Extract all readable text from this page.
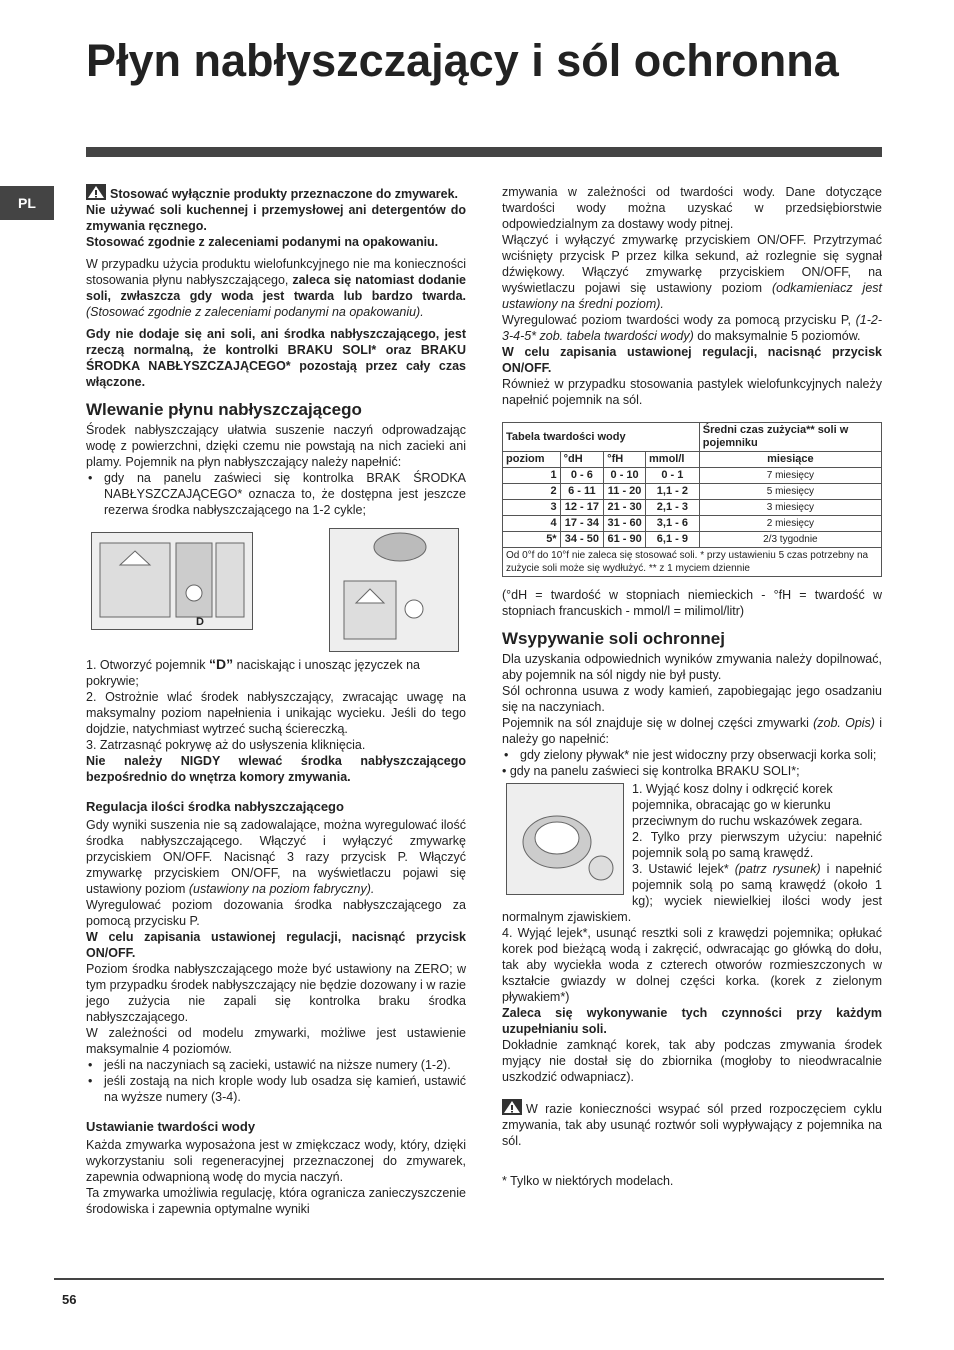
Płyn nabłyszczający i sól ochronna
PL

Stosować wyłącznie produkty przeznaczone do zmywarek.

Nie używać soli kuchennej i przemysłowej ani detergentów do zmywania ręcznego.

Stosować zgodnie z zaleceniami podanymi na opakowaniu.

W przypadku użycia produktu wielofunkcyjnego nie ma konieczności stosowania płynu nabłyszczającego, zaleca się natomiast dodanie soli, zwłaszcza gdy woda jest twarda lub bardzo twarda. (Stosować zgodnie z zaleceniami podanymi na opakowaniu).

Gdy nie dodaje się ani soli, ani środka nabłyszczającego, jest rzeczą normalną, że kontrolki BRAKU SOLI* oraz BRAKU ŚRODKA NABŁYSZCZAJĄCEGO* pozostają przez cały czas włączone.

Wlewanie płynu nabłyszczającego

Środek nabłyszczający ułatwia suszenie naczyń odprowadzając wodę z powierzchni, dzięki czemu nie powstają na nich zacieki ani plamy. Pojemnik na płyn nabłyszczający należy napełnić:

• gdy na panelu zaświeci się kontrolka BRAK ŚRODKA NABŁYSZCZAJĄCEGO* oznacza to, że dostępna jest jeszcze rezerwa środka nabłyszczającego na 1-2 cykle;
D

1. Otworzyć pojemnik “D” naciskając i unosząc języczek na pokrywie;

2. Ostrożnie wlać środek nabłyszczający, zwracając uwagę na maksymalny poziom napełnienia i unikając wycieku. Jeśli do tego dojdzie, natychmiast wytrzeć suchą ściereczką.

3. Zatrzasnąć pokrywę aż do usłyszenia kliknięcia.

Nie należy NIGDY wlewać środka nabłyszczającego bezpośrednio do wnętrza komory zmywania.

Regulacja ilości środka nabłyszczającego

Gdy wyniki suszenia nie są zadowalające, można wyregulować ilość środka nabłyszczającego. Włączyć i wyłączyć zmywarkę przyciskiem ON/OFF. Nacisnąć 3 razy przycisk P. Włączyć zmywarkę przyciskiem ON/OFF, na wyświetlaczu pojawi się ustawiony poziom (ustawiony na poziom fabryczny).

Wyregulować poziom dozowania środka nabłyszczającego za pomocą przycisku P.

W celu zapisania ustawionej regulacji, nacisnąć przycisk ON/OFF.

Poziom środka nabłyszczającego może być ustawiony na ZERO; w tym przypadku środek nabłyszczający nie będzie dozowany i w razie jego zużycia nie zapali się kontrolka braku środka nabłyszczającego.

W zależności od modelu zmywarki, możliwe jest ustawienie maksymalnie 4 poziomów.

• jeśli na naczyniach są zacieki, ustawić na niższe numery (1-2).
• jeśli zostają na nich krople wody lub osadza się kamień, ustawić na wyższe numery (3-4).
Ustawianie twardości wody

Każda zmywarka wyposażona jest w zmiękczacz wody, który, dzięki wykorzystaniu soli regeneracyjnej przeznaczonej do zmywarek, zapewnia odwapnioną wodę do mycia naczyń.

Ta zmywarka umożliwia regulację, która ogranicza zanieczyszczenie środowiska i zapewnia optymalne wyniki

zmywania w zależności od twardości wody. Dane dotyczące twardości wody można uzyskać w przedsiębiorstwie odpowiedzialnym za dostawy wody pitnej.

Włączyć i wyłączyć zmywarkę przyciskiem ON/OFF. Przytrzymać wciśnięty przycisk P przez kilka sekund, aż rozlegnie się sygnał dźwiękowy. Włączyć zmywarkę przyciskiem ON/OFF, na wyświetlaczu pojawi się ustawiony poziom (odkamieniacz jest ustawiony na średni poziom).

Wyregulować poziom twardości wody za pomocą przycisku P, (1-2-3-4-5* zob. tabela twardości wody) do maksymalnie 5 poziomów.

W celu zapisania ustawionej regulacji, nacisnąć przycisk ON/OFF.

Również w przypadku stosowania pastylek wielofunkcyjnych należy napełnić pojemnik na sól.

Tabela twardości wody				Średni czas zużycia** soli w pojemniku
poziom	°dH	°fH	mmol/l	miesiące
1	0 - 6	0 - 10	0 - 1	7 miesięcy
2	6 - 11	11 - 20	1,1 - 2	5 miesięcy
3	12 - 17	21 - 30	2,1 - 3	3 miesięcy
4	17 - 34	31 - 60	3,1 - 6	2 miesięcy
5*	34 - 50	61 - 90	6,1 - 9	2/3 tygodnie
Od 0°f do 10°f nie zaleca się stosować soli. * przy ustawieniu 5 czas potrzebny na zużycie soli może się wydłużyć. ** z 1 myciem dziennie				

(°dH = twardość w stopniach niemieckich - °fH = twardość w stopniach francuskich - mmol/l = milimol/litr)

Wsypywanie soli ochronnej

Dla uzyskania odpowiednich wyników zmywania należy dopilnować, aby pojemnik na sól nigdy nie był pusty.

Sól ochronna usuwa z wody kamień, zapobiegając jego osadzaniu się na naczyniach.

Pojemnik na sól znajduje się w dolnej części zmywarki (zob. Opis) i należy go napełnić:

• gdy zielony pływak* nie jest widoczny przy obserwacji korka soli;

• gdy na panelu zaświeci się kontrolka BRAKU SOLI*;

1. Wyjąć kosz dolny i odkręcić korek pojemnika, obracając go w kierunku przeciwnym do ruchu wskazówek zegara.

2. Tylko przy pierwszym użyciu: napełnić pojemnik solą po samą krawędź.

3. Ustawić lejek* (patrz rysunek) i napełnić pojemnik solą po samą krawędź (około 1 kg); wyciek niewielkiej ilości wody jest normalnym zjawiskiem.

4. Wyjąć lejek*, usunąć resztki soli z krawędzi pojemnika; opłukać korek pod bieżącą wodą i zakręcić, odwracając go główką do dołu, tak aby wyciekła woda z czterech otworów rozmieszczonych w kształcie gwiazdy w dolnej części korka. (korek z zielonym pływakiem*)

Zaleca się wykonywanie tych czynności przy każdym uzupełnianiu soli.

Dokładnie zamknąć korek, tak aby podczas zmywania środek myjący nie dostał się do zbiornika (mogłoby to nieodwracalnie uszkodzić odwapniacz).

W razie konieczności wsypać sól przed rozpoczęciem cyklu zmywania, tak aby usunąć roztwór soli wypływający z pojemnika na sól.

* Tylko w niektórych modelach.

56
